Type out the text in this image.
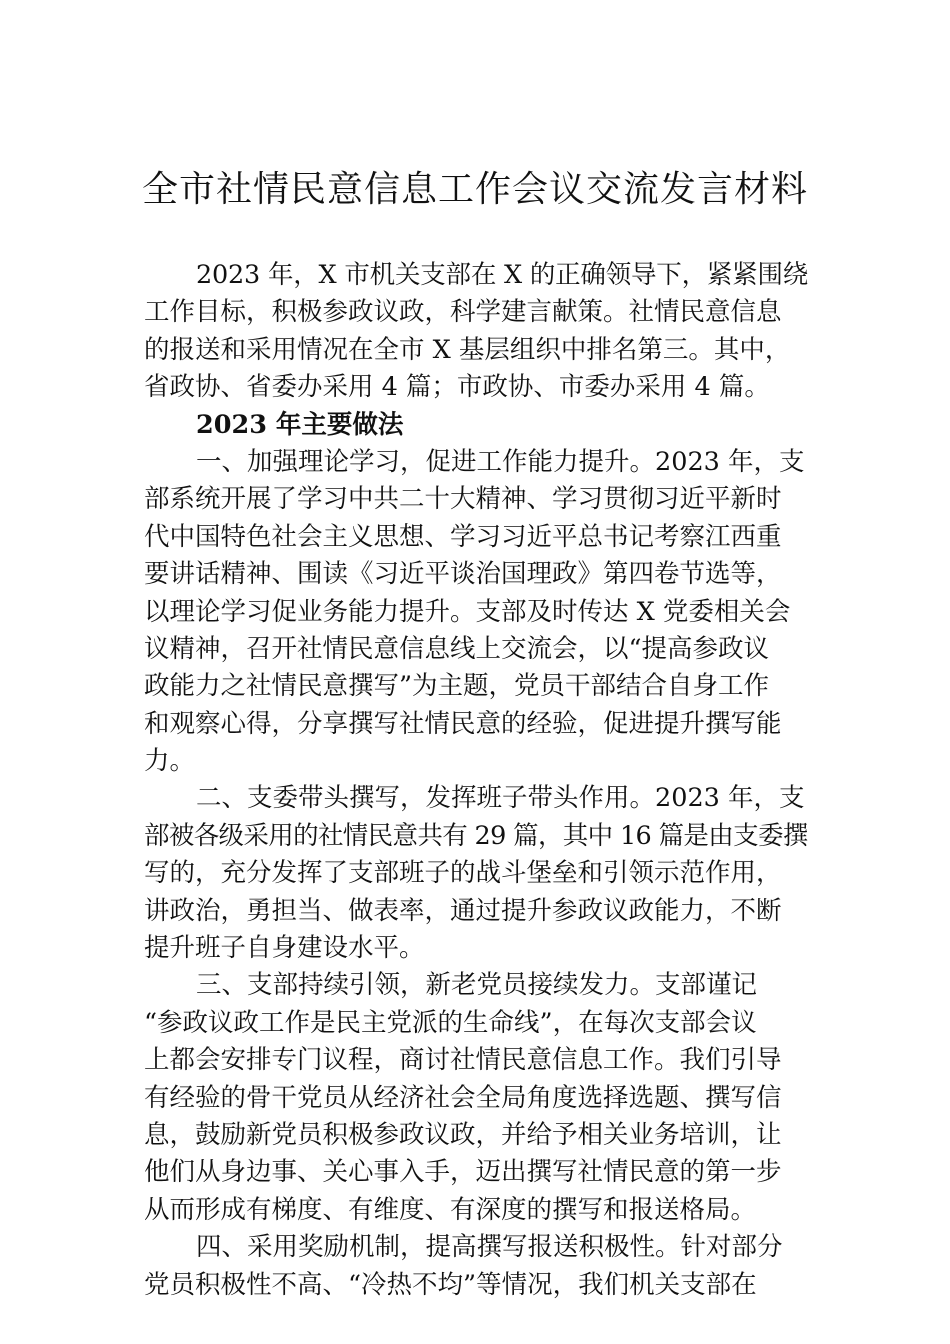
全市社情民意信息工作会议交流发言材料
2023 年，X 市机关支部在 X 的正确领导下，紧紧围绕
工作目标，积极参政议政，科学建言献策。社情民意信息
的报送和采用情况在全市 X 基层组织中排名第三。其中，
省政协、省委办采用 4 篇；市政协、市委办采用 4 篇。
2023 年主要做法
一、加强理论学习，促进工作能力提升。2023 年，支
部系统开展了学习中共二十大精神、学习贯彻习近平新时
代中国特色社会主义思想、学习习近平总书记考察江西重
要讲话精神、围读《习近平谈治国理政》第四卷节选等，
以理论学习促业务能力提升。支部及时传达 X 党委相关会
议精神，召开社情民意信息线上交流会，以“提高参政议
政能力之社情民意撰写”为主题，党员干部结合自身工作
和观察心得，分享撰写社情民意的经验，促进提升撰写能
力。
二、支委带头撰写，发挥班子带头作用。2023 年，支
部被各级采用的社情民意共有 29 篇，其中 16 篇是由支委撰
写的，充分发挥了支部班子的战斗堡垒和引领示范作用，
讲政治，勇担当、做表率，通过提升参政议政能力，不断
提升班子自身建设水平。
三、支部持续引领，新老党员接续发力。支部谨记
“参政议政工作是民主党派的生命线”，在每次支部会议
上都会安排专门议程，商讨社情民意信息工作。我们引导
有经验的骨干党员从经济社会全局角度选择选题、撰写信
息，鼓励新党员积极参政议政，并给予相关业务培训，让
他们从身边事、关心事入手，迈出撰写社情民意的第一步
从而形成有梯度、有维度、有深度的撰写和报送格局。
四、采用奖励机制，提高撰写报送积极性。针对部分
党员积极性不高、“冷热不均”等情况，我们机关支部在
